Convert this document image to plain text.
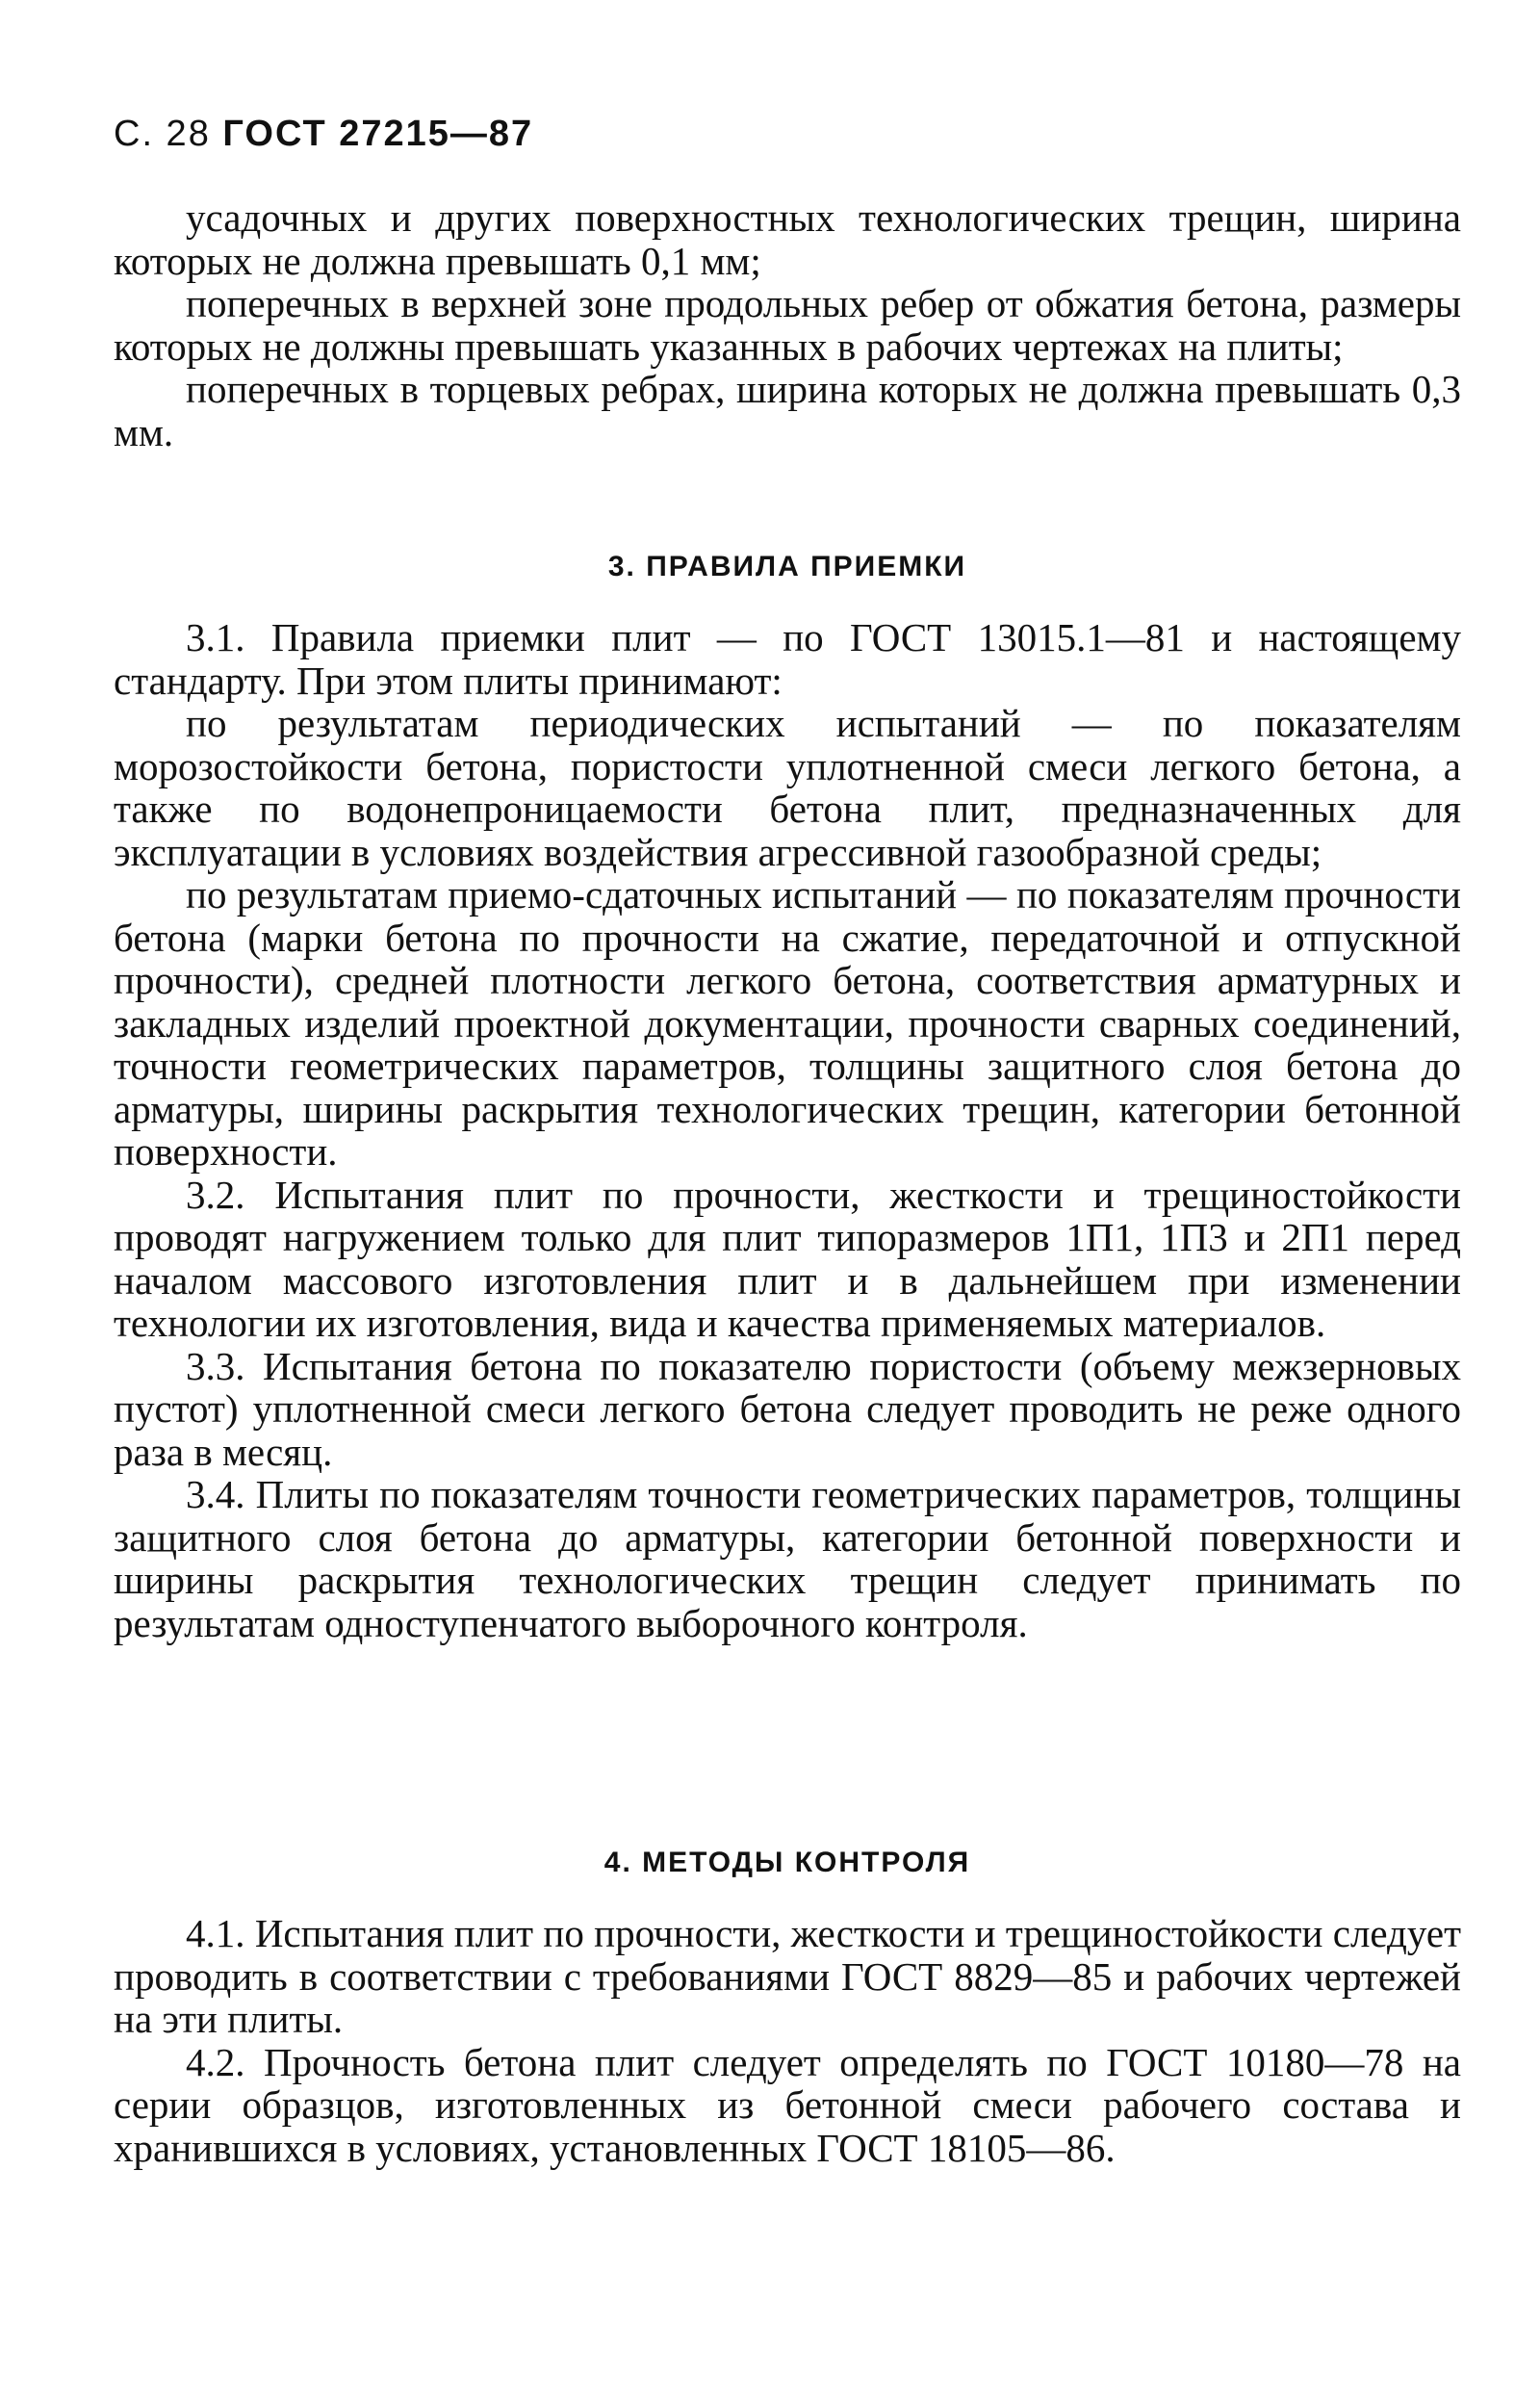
С. 28 ГОСТ 27215—87

усадочных и других поверхностных технологических трещин, ширина которых не должна превышать 0,1 мм;

поперечных в верхней зоне продольных ребер от обжатия бетона, размеры которых не должны превышать указанных в рабочих чертежах на плиты;

поперечных в торцевых ребрах, ширина которых не должна превышать 0,3 мм.

3. ПРАВИЛА ПРИЕМКИ

3.1. Правила приемки плит — по ГОСТ 13015.1—81 и настоящему стандарту. При этом плиты принимают:

по результатам периодических испытаний — по показателям морозостойкости бетона, пористости уплотненной смеси легкого бетона, а также по водонепроницаемости бетона плит, предназначенных для эксплуатации в условиях воздействия агрессивной газообразной среды;

по результатам приемо-сдаточных испытаний — по показателям прочности бетона (марки бетона по прочности на сжатие, передаточной и отпускной прочности), средней плотности легкого бетона, соответствия арматурных и закладных изделий проектной документации, прочности сварных соединений, точности геометрических параметров, толщины защитного слоя бетона до арматуры, ширины раскрытия технологических трещин, категории бетонной поверхности.

3.2. Испытания плит по прочности, жесткости и трещиностойкости проводят нагружением только для плит типоразмеров 1П1, 1П3 и 2П1 перед началом массового изготовления плит и в дальнейшем при изменении технологии их изготовления, вида и качества применяемых материалов.

3.3. Испытания бетона по показателю пористости (объему межзерновых пустот) уплотненной смеси легкого бетона следует проводить не реже одного раза в месяц.

3.4. Плиты по показателям точности геометрических параметров, толщины защитного слоя бетона до арматуры, категории бетонной поверхности и ширины раскрытия технологических трещин следует принимать по результатам одноступенчатого выборочного контроля.

4. МЕТОДЫ КОНТРОЛЯ

4.1. Испытания плит по прочности, жесткости и трещиностойкости следует проводить в соответствии с требованиями ГОСТ 8829—85 и рабочих чертежей на эти плиты.

4.2. Прочность бетона плит следует определять по ГОСТ 10180—78 на серии образцов, изготовленных из бетонной смеси рабочего состава и хранившихся в условиях, установленных ГОСТ 18105—86.
